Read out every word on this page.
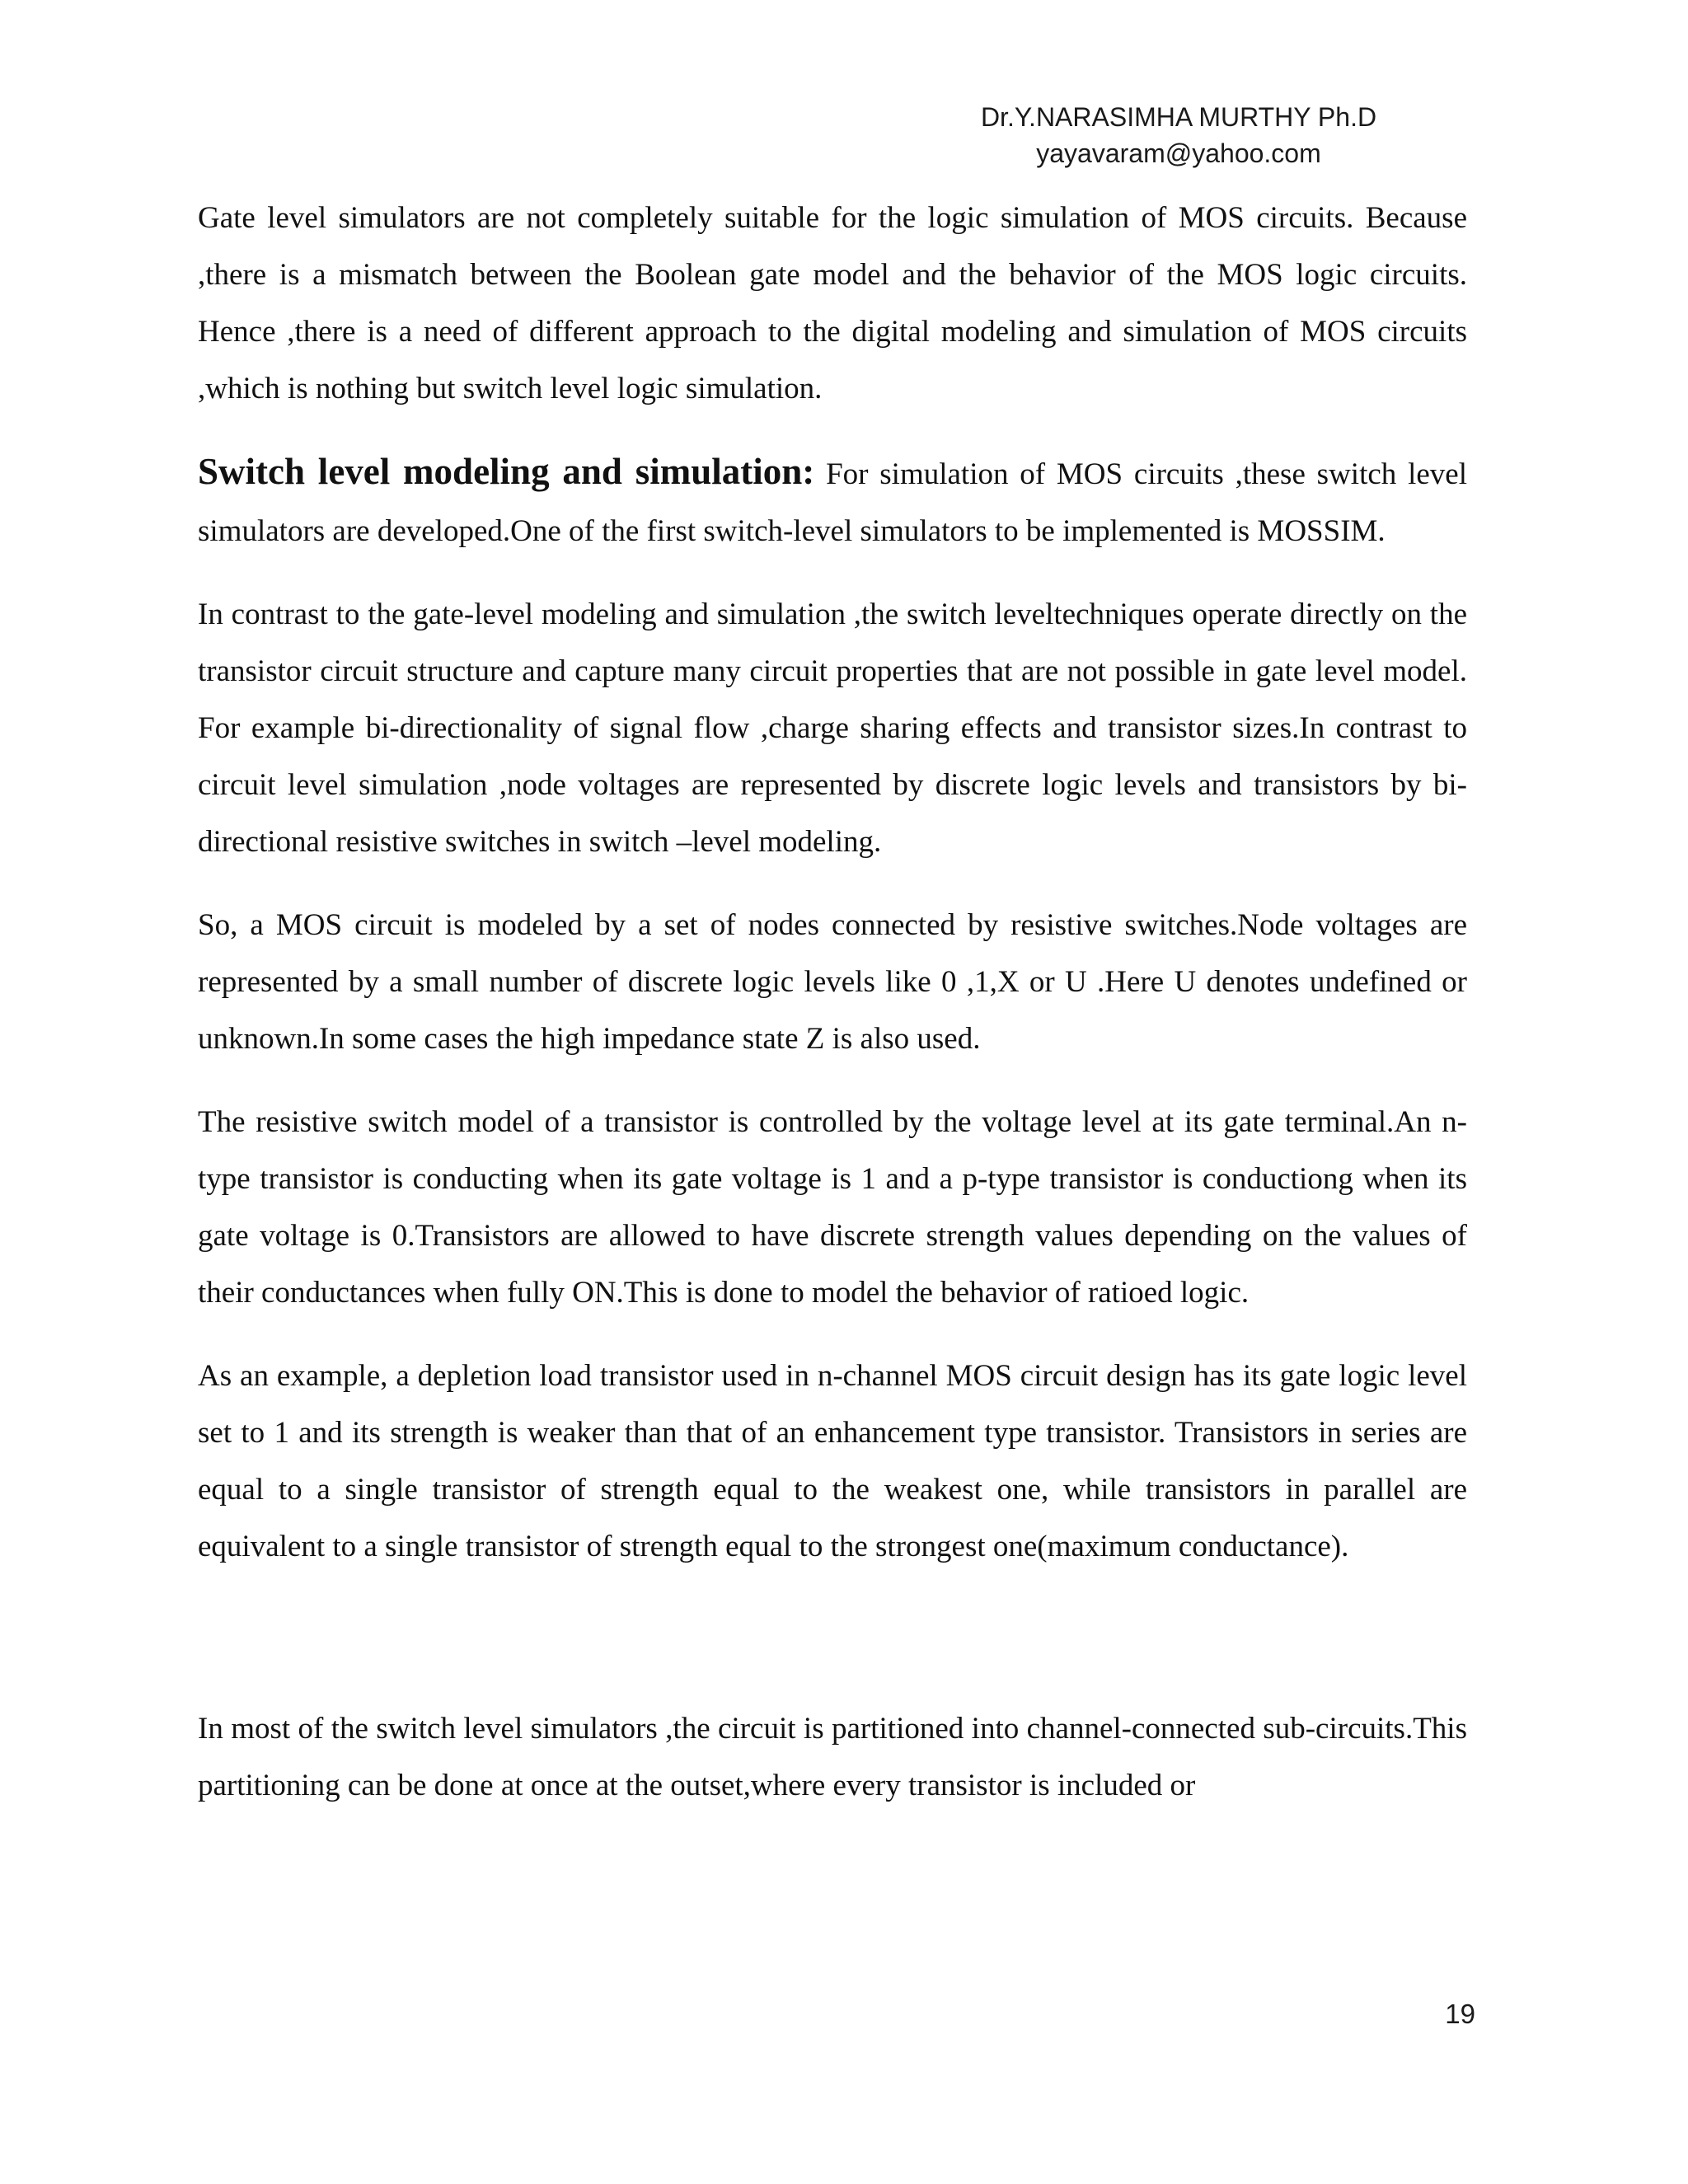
Dr.Y.NARASIMHA MURTHY Ph.D
yayavaram@yahoo.com

Gate level simulators are not completely suitable for the logic simulation of MOS circuits. Because ,there is a mismatch between the Boolean gate model and the behavior of the MOS logic circuits. Hence ,there is a need of different approach to the digital modeling and simulation of MOS circuits ,which is nothing but switch level logic simulation.

Switch level modeling and simulation: For simulation of MOS circuits ,these switch level simulators are developed.One of the first switch-level simulators to be implemented is MOSSIM.

In contrast to the gate-level modeling and simulation ,the switch leveltechniques operate directly on the transistor circuit structure and capture many circuit properties that are not possible in gate level model. For example bi-directionality of signal flow ,charge sharing effects and transistor sizes.In contrast to circuit level simulation ,node voltages are represented by discrete logic levels and transistors by bi-directional resistive switches in switch –level modeling.

So, a MOS circuit is modeled by a set of nodes connected by resistive switches.Node voltages are represented by a small number of discrete logic levels like 0 ,1,X or U .Here U denotes undefined or unknown.In some cases the high impedance state Z is also used.

The resistive switch model of a transistor is controlled by the voltage level at its gate terminal.An n-type transistor is conducting when its gate voltage is 1 and a p-type transistor is conductiong when its gate voltage is 0.Transistors are allowed to have discrete strength values depending on the values of their conductances when fully ON.This is done to model the behavior of ratioed logic.

As an example, a depletion load transistor used in n-channel MOS circuit design has its gate logic level set to 1 and its strength is weaker than that of an enhancement type transistor. Transistors in series are equal to a single transistor of strength equal to the weakest one, while transistors in parallel are equivalent to a single transistor of strength equal to the strongest one(maximum conductance).

In most of the switch level simulators ,the circuit is partitioned into channel-connected sub-circuits.This partitioning can be done at once at the outset,where every transistor is included or

19
